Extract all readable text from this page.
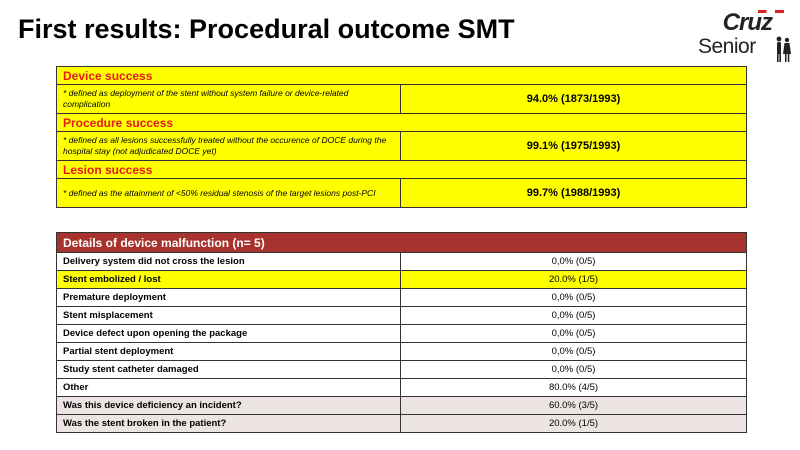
First results: Procedural outcome SMT	Cruz
Senior
Device success	
* defined as deployment of the stent without system failure or device-related complication	94.0% (1873/1993)
Procedure success	
* defined as all lesions successfully treated without the occurence of DOCE during the hospital stay (not adjudicated DOCE yet)	99.1% (1975/1993)
Lesion success	
* defined as the attainment of <50% residual stenosis of the target lesions post-PCI	99.7% (1988/1993)
Details of device malfunction (n= 5)	
Delivery system did not cross the lesion	0,0% (0/5)
Stent embolized / lost	20.0% (1/5)
Premature deployment	0,0% (0/5)
Stent misplacement	0,0% (0/5)
Device defect upon opening the package	0,0% (0/5)
Partial stent deployment	0,0% (0/5)
Study stent catheter damaged	0,0% (0/5)
Other	80.0% (4/5)
Was this device deficiency an incident?	60.0% (3/5)
Was the stent broken in the patient?	20.0% (1/5)
